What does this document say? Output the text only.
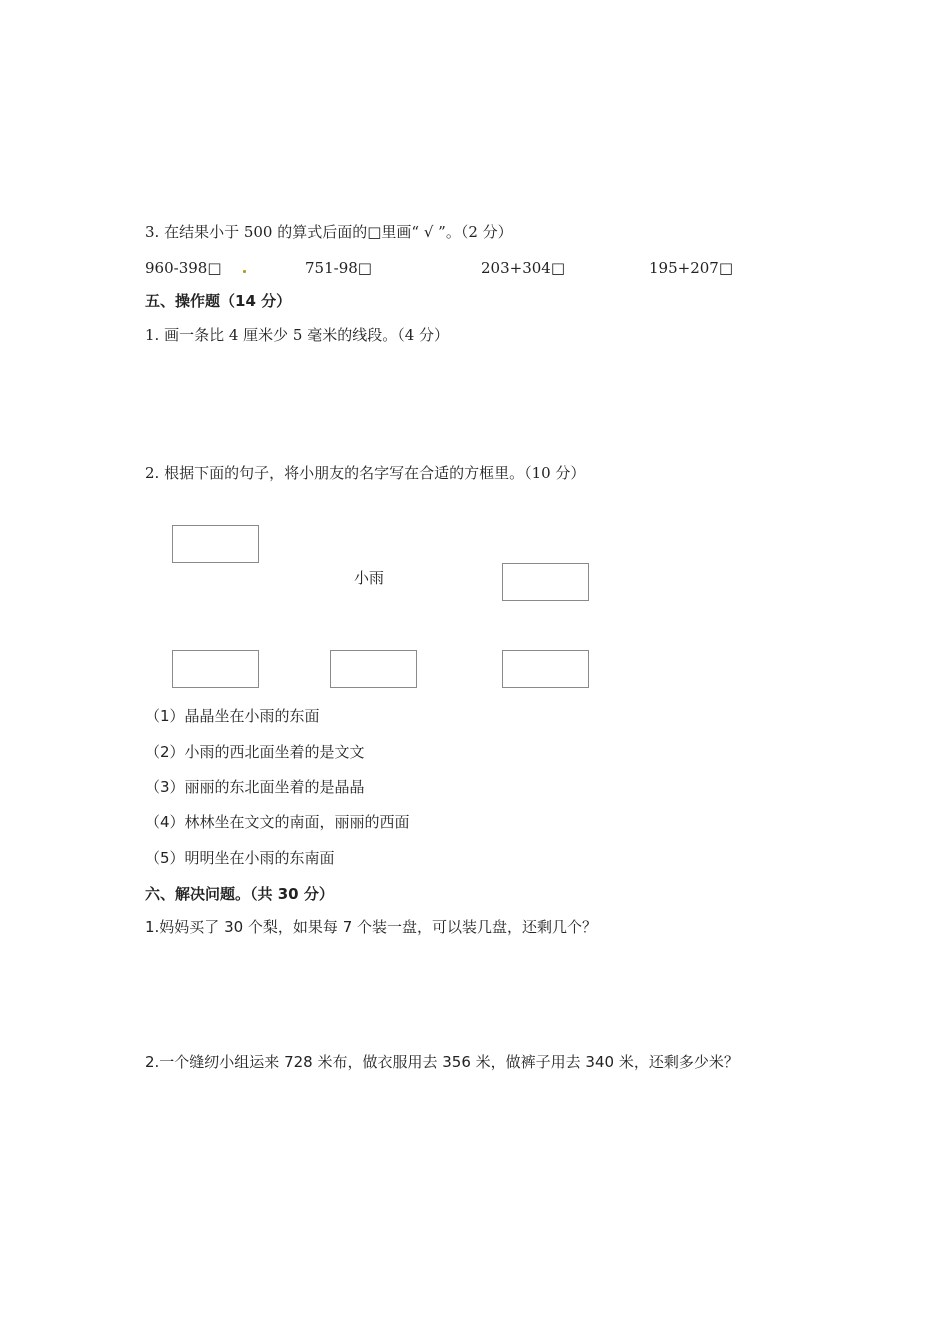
3. 在结果小于 500 的算式后面的□里画“ √ ”。（2 分）
960-398□	751-98□	203+304□	195+207□
五、操作题（14 分）
1. 画一条比 4 厘米少 5 毫米的线段。（4 分）
2. 根据下面的句子，将小朋友的名字写在合适的方框里。（10 分）
小雨
（1）晶晶坐在小雨的东面
（2）小雨的西北面坐着的是文文
（3）丽丽的东北面坐着的是晶晶
（4）林林坐在文文的南面，丽丽的西面
（5）明明坐在小雨的东南面
六、解决问题。（共 30 分）
1.妈妈买了 30 个梨，如果每 7 个装一盘，可以装几盘，还剩几个？
2.一个缝纫小组运来 728 米布，做衣服用去 356 米，做裤子用去 340 米，还剩多少米？
